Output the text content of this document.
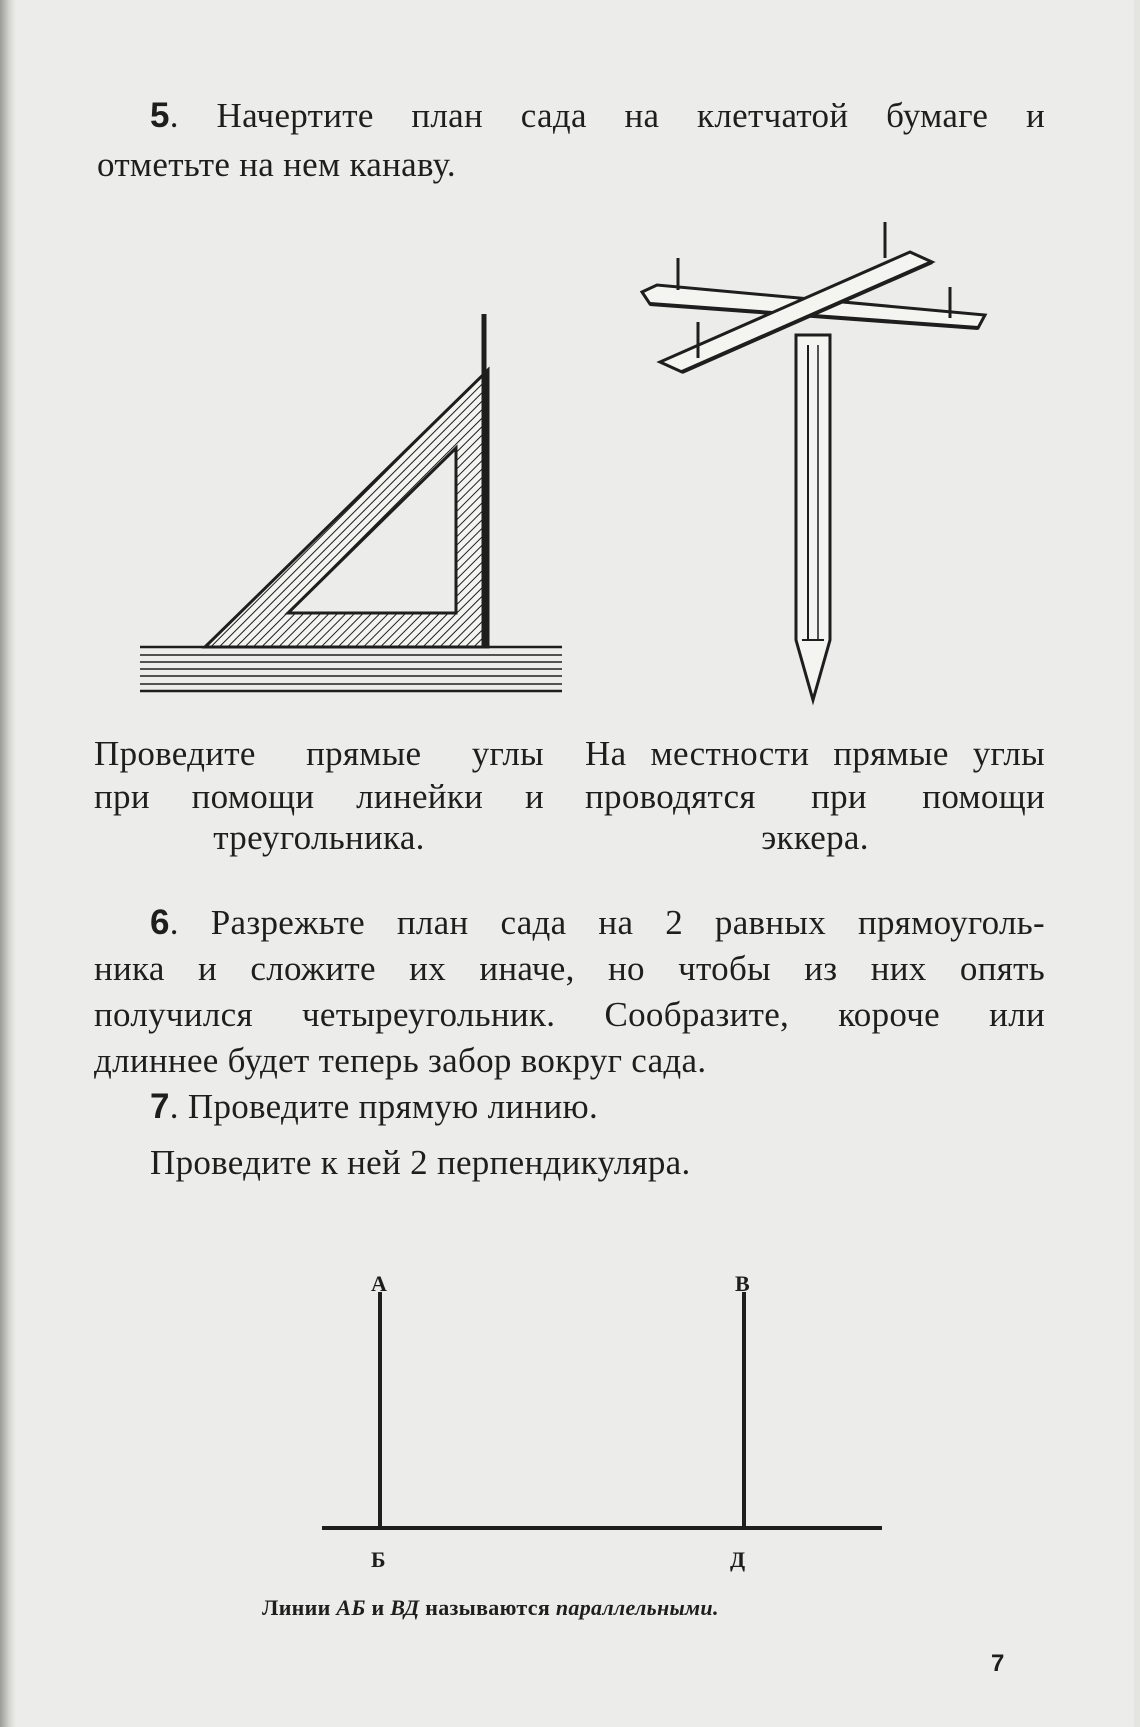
5. Начертите план сада на клетчатой бумаге и
отметьте на нем канаву.
Проведите прямые углы
при помощи линейки и
треугольника.
На местности прямые углы
проводятся при помощи
эккера.
6. Разрежьте план сада на 2 равных прямоуголь-
ника и сложите их иначе, но чтобы из них опять
получился четыреугольник. Сообразите, короче или
длиннее будет теперь забор вокруг сада.
7. Проведите прямую линию.
Проведите к ней 2 перпендикуляра.
А	В
Б	Д
Линии АБ и ВД называются параллельными.
7
